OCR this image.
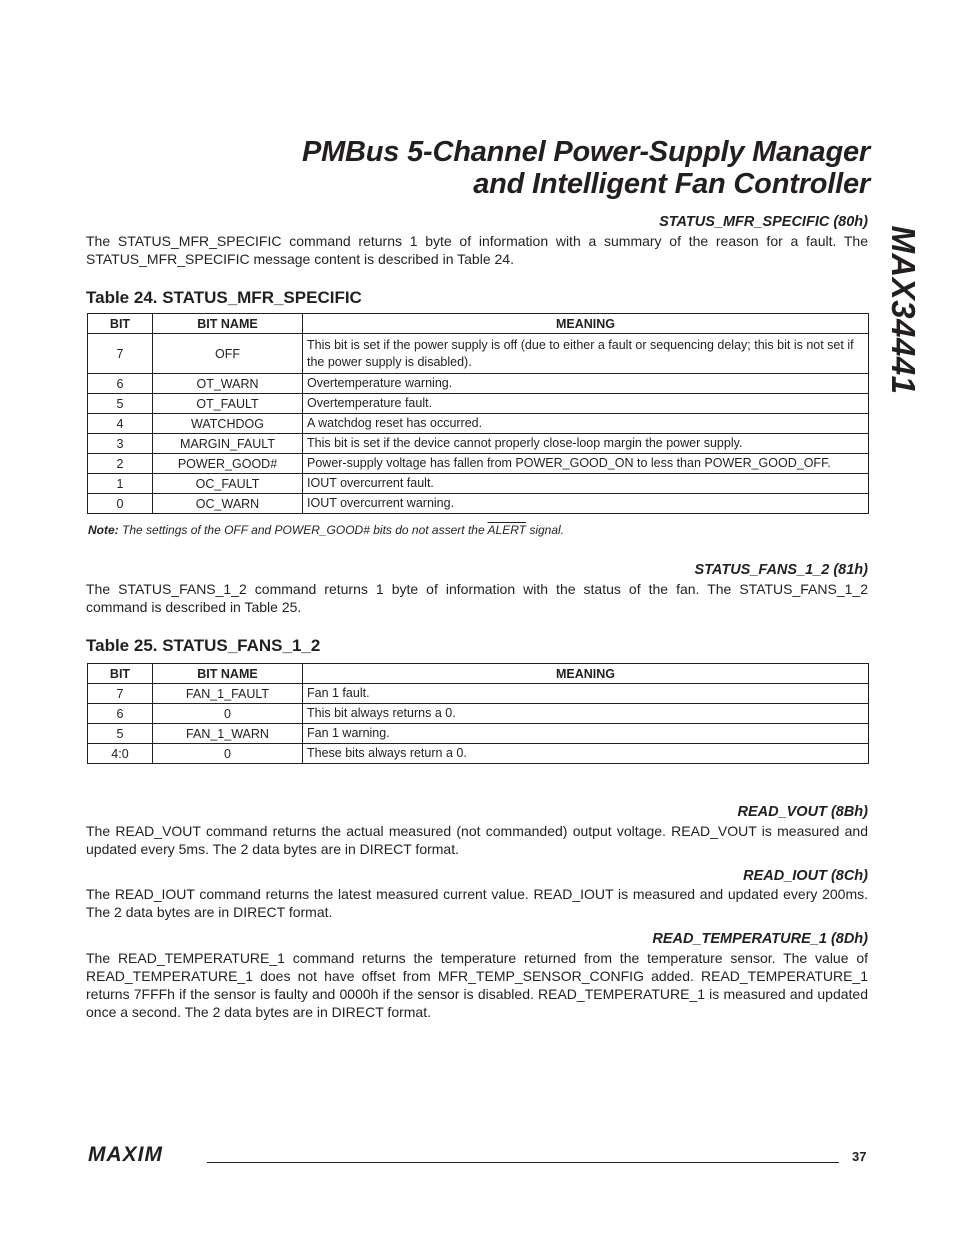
PMBus 5-Channel Power-Supply Manager
and Intelligent Fan Controller
MAX34441
STATUS_MFR_SPECIFIC (80h)

The STATUS_MFR_SPECIFIC command returns 1 byte of information with a summary of the reason for a fault. The STATUS_MFR_SPECIFIC message content is described in Table 24.

Table 24. STATUS_MFR_SPECIFIC
BIT	BIT NAME	MEANING
7	OFF	This bit is set if the power supply is off (due to either a fault or sequencing delay; this bit is not set if the power supply is disabled).
6	OT_WARN	Overtemperature warning.
5	OT_FAULT	Overtemperature fault.
4	WATCHDOG	A watchdog reset has occurred.
3	MARGIN_FAULT	This bit is set if the device cannot properly close-loop margin the power supply.
2	POWER_GOOD#	Power-supply voltage has fallen from POWER_GOOD_ON to less than POWER_GOOD_OFF.
1	OC_FAULT	IOUT overcurrent fault.
0	OC_WARN	IOUT overcurrent warning.
Note: The settings of the OFF and POWER_GOOD# bits do not assert the ALERT signal.
STATUS_FANS_1_2 (81h)

The STATUS_FANS_1_2 command returns 1 byte of information with the status of the fan. The STATUS_FANS_1_2 command is described in Table 25.

Table 25. STATUS_FANS_1_2
BIT	BIT NAME	MEANING
7	FAN_1_FAULT	Fan 1 fault.
6	0	This bit always returns a 0.
5	FAN_1_WARN	Fan 1 warning.
4:0	0	These bits always return a 0.
READ_VOUT (8Bh)

The READ_VOUT command returns the actual measured (not commanded) output voltage. READ_VOUT is measured and updated every 5ms. The 2 data bytes are in DIRECT format.

READ_IOUT (8Ch)

The READ_IOUT command returns the latest measured current value. READ_IOUT is measured and updated every 200ms. The 2 data bytes are in DIRECT format.

READ_TEMPERATURE_1 (8Dh)

The READ_TEMPERATURE_1 command returns the temperature returned from the temperature sensor. The value of READ_TEMPERATURE_1 does not have offset from MFR_TEMP_SENSOR_CONFIG added. READ_TEMPERATURE_1 returns 7FFFh if the sensor is faulty and 0000h if the sensor is disabled. READ_TEMPERATURE_1 is measured and updated once a second. The 2 data bytes are in DIRECT format.

MAXIM	37
